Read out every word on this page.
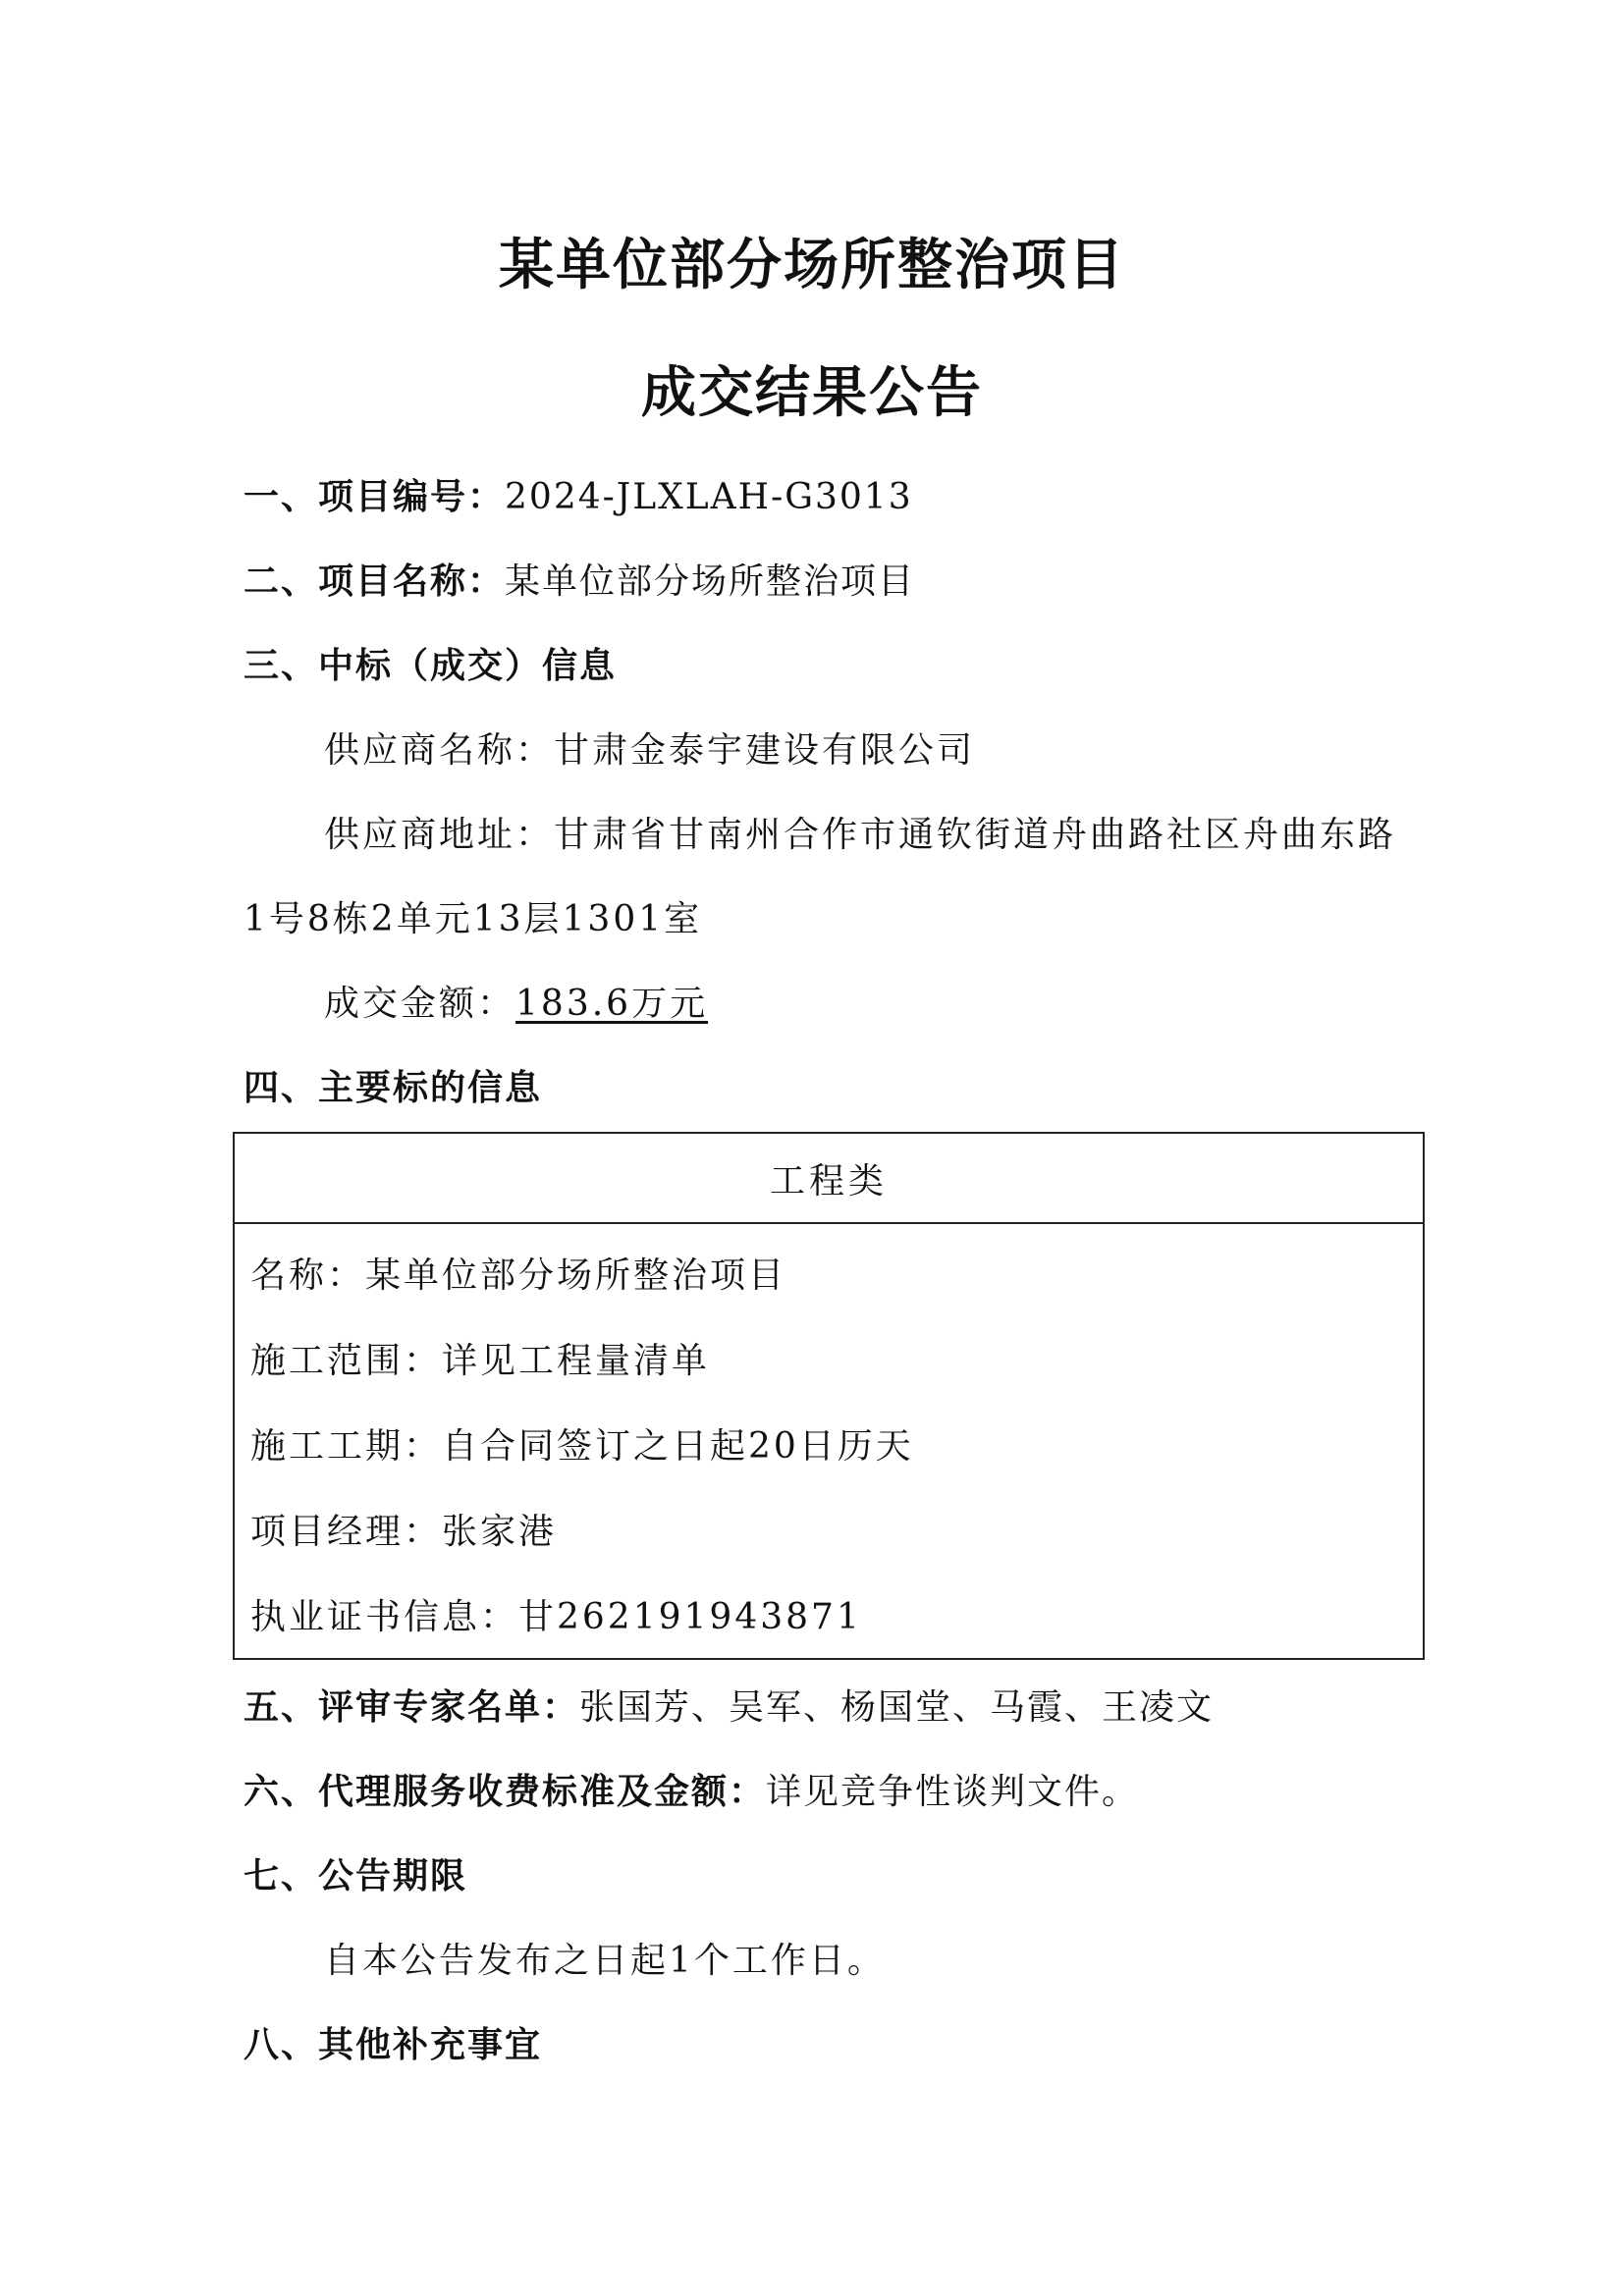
某单位部分场所整治项目
成交结果公告
一、项目编号：2024-JLXLAH-G3013
二、项目名称：某单位部分场所整治项目
三、中标（成交）信息
供应商名称：甘肃金泰宇建设有限公司
供应商地址：甘肃省甘南州合作市通钦街道舟曲路社区舟曲东路
1号8栋2单元13层1301室
成交金额：183.6万元
四、主要标的信息
工程类
名称：某单位部分场所整治项目
施工范围：详见工程量清单
施工工期：自合同签订之日起20日历天
项目经理：张家港
执业证书信息：甘262191943871
五、评审专家名单：张国芳、吴军、杨国堂、马霞、王凌文
六、代理服务收费标准及金额：详见竞争性谈判文件。
七、公告期限
自本公告发布之日起1个工作日。
八、其他补充事宜
